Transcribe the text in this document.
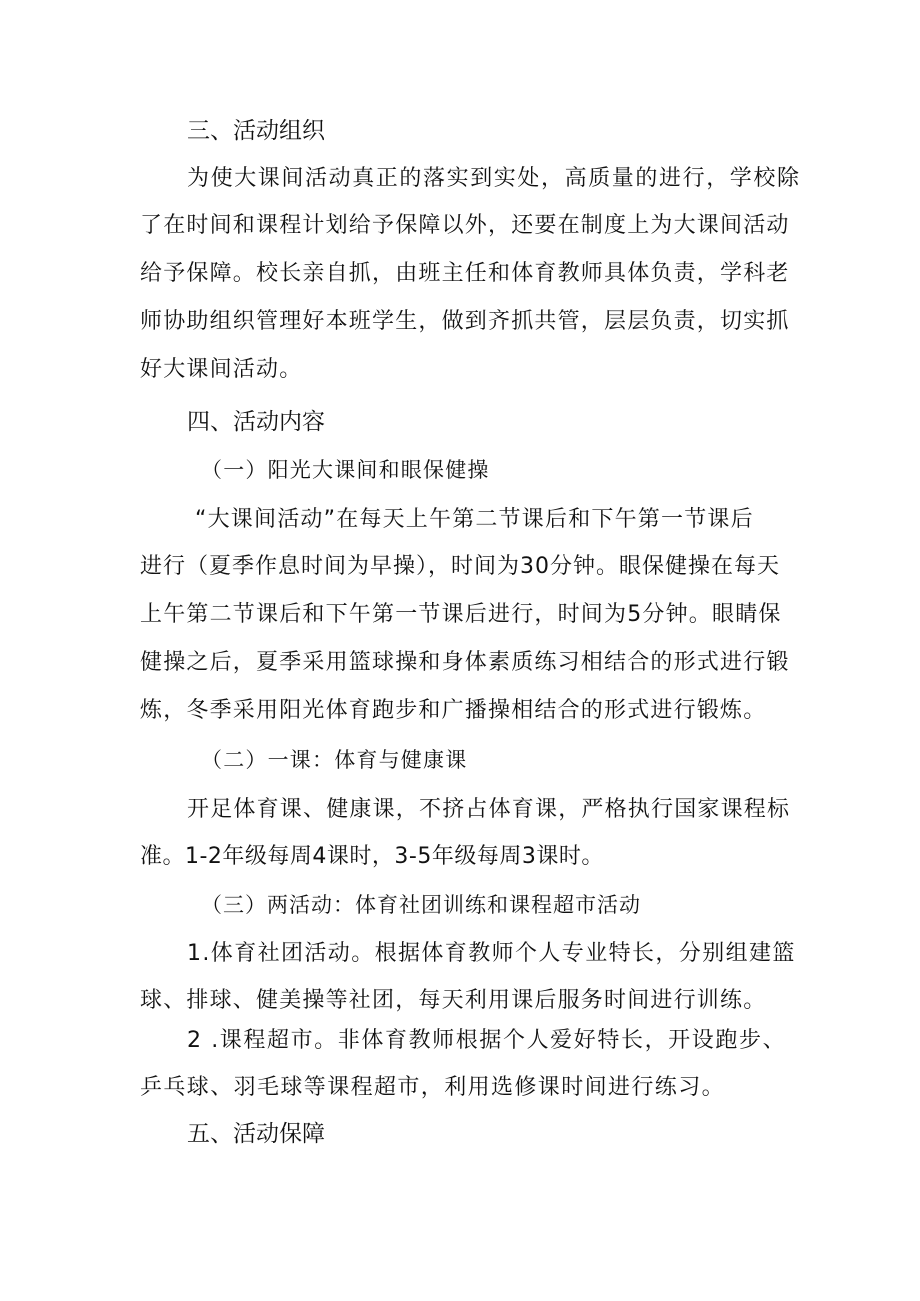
三、活动组织
为使大课间活动真正的落实到实处，高质量的进行，学校除
了在时间和课程计划给予保障以外，还要在制度上为大课间活动
给予保障。校长亲自抓，由班主任和体育教师具体负责，学科老
师协助组织管理好本班学生，做到齐抓共管，层层负责，切实抓
好大课间活动。
四、活动内容
（一）阳光大课间和眼保健操
“大课间活动”在每天上午第二节课后和下午第一节课后
进行（夏季作息时间为早操），时间为30分钟。眼保健操在每天
上午第二节课后和下午第一节课后进行，时间为5分钟。眼睛保
健操之后，夏季采用篮球操和身体素质练习相结合的形式进行锻
炼，冬季采用阳光体育跑步和广播操相结合的形式进行锻炼。
（二）一课：体育与健康课
开足体育课、健康课，不挤占体育课，严格执行国家课程标
准。1-2年级每周4课时，3-5年级每周3课时。
（三）两活动：体育社团训练和课程超市活动
1.体育社团活动。根据体育教师个人专业特长，分别组建篮
球、排球、健美操等社团，每天利用课后服务时间进行训练。
2 .课程超市。非体育教师根据个人爱好特长，开设跑步、
乒乓球、羽毛球等课程超市，利用选修课时间进行练习。
五、活动保障
